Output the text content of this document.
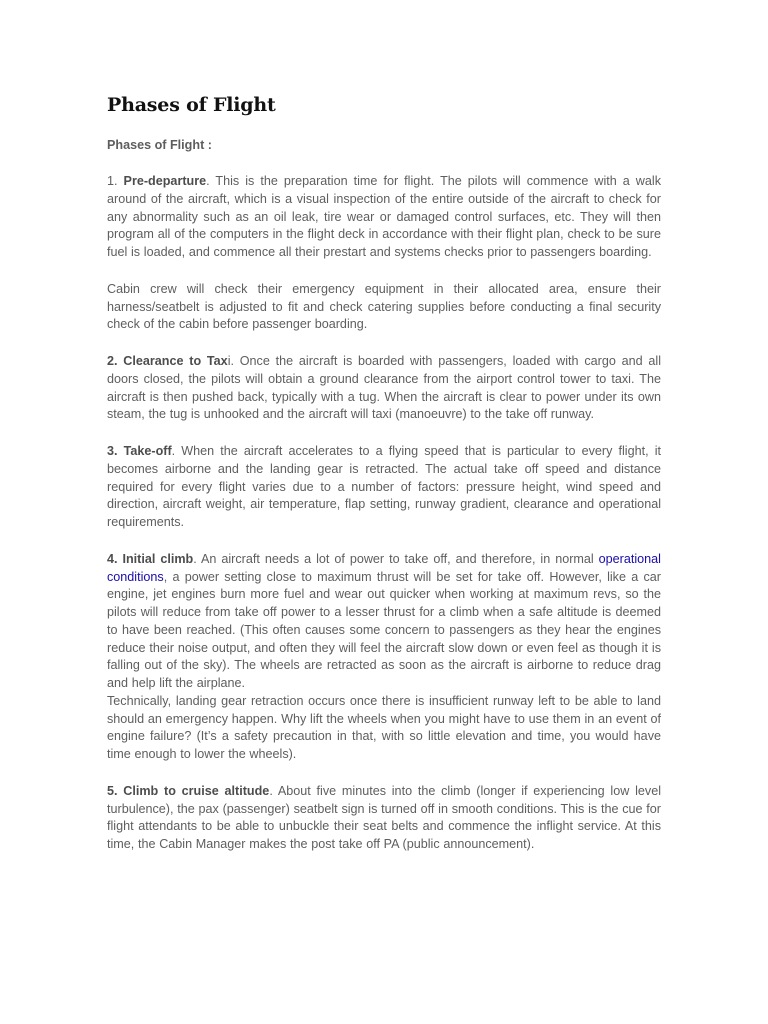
Phases of Flight

Phases of Flight :

1. Pre-departure. This is the preparation time for flight. The pilots will commence with a walk around of the aircraft, which is a visual inspection of the entire outside of the aircraft to check for any abnormality such as an oil leak, tire wear or damaged control surfaces, etc. They will then program all of the computers in the flight deck in accordance with their flight plan, check to be sure fuel is loaded, and commence all their prestart and systems checks prior to passengers boarding.

Cabin crew will check their emergency equipment in their allocated area, ensure their harness/seatbelt is adjusted to fit and check catering supplies before conducting a final security check of the cabin before passenger boarding.

2. Clearance to Taxi. Once the aircraft is boarded with passengers, loaded with cargo and all doors closed, the pilots will obtain a ground clearance from the airport control tower to taxi. The aircraft is then pushed back, typically with a tug. When the aircraft is clear to power under its own steam, the tug is unhooked and the aircraft will taxi (manoeuvre) to the take off runway.

3. Take-off. When the aircraft accelerates to a flying speed that is particular to every flight, it becomes airborne and the landing gear is retracted. The actual take off speed and distance required for every flight varies due to a number of factors: pressure height, wind speed and direction, aircraft weight, air temperature, flap setting, runway gradient, clearance and operational requirements.

4. Initial climb. An aircraft needs a lot of power to take off, and therefore, in normal operational conditions, a power setting close to maximum thrust will be set for take off. However, like a car engine, jet engines burn more fuel and wear out quicker when working at maximum revs, so the pilots will reduce from take off power to a lesser thrust for a climb when a safe altitude is deemed to have been reached. (This often causes some concern to passengers as they hear the engines reduce their noise output, and often they will feel the aircraft slow down or even feel as though it is falling out of the sky). The wheels are retracted as soon as the aircraft is airborne to reduce drag and help lift the airplane.

Technically, landing gear retraction occurs once there is insufficient runway left to be able to land should an emergency happen. Why lift the wheels when you might have to use them in an event of engine failure? (It’s a safety precaution in that, with so little elevation and time, you would have time enough to lower the wheels).

5. Climb to cruise altitude. About five minutes into the climb (longer if experiencing low level turbulence), the pax (passenger) seatbelt sign is turned off in smooth conditions. This is the cue for flight attendants to be able to unbuckle their seat belts and commence the inflight service. At this time, the Cabin Manager makes the post take off PA (public announcement).
